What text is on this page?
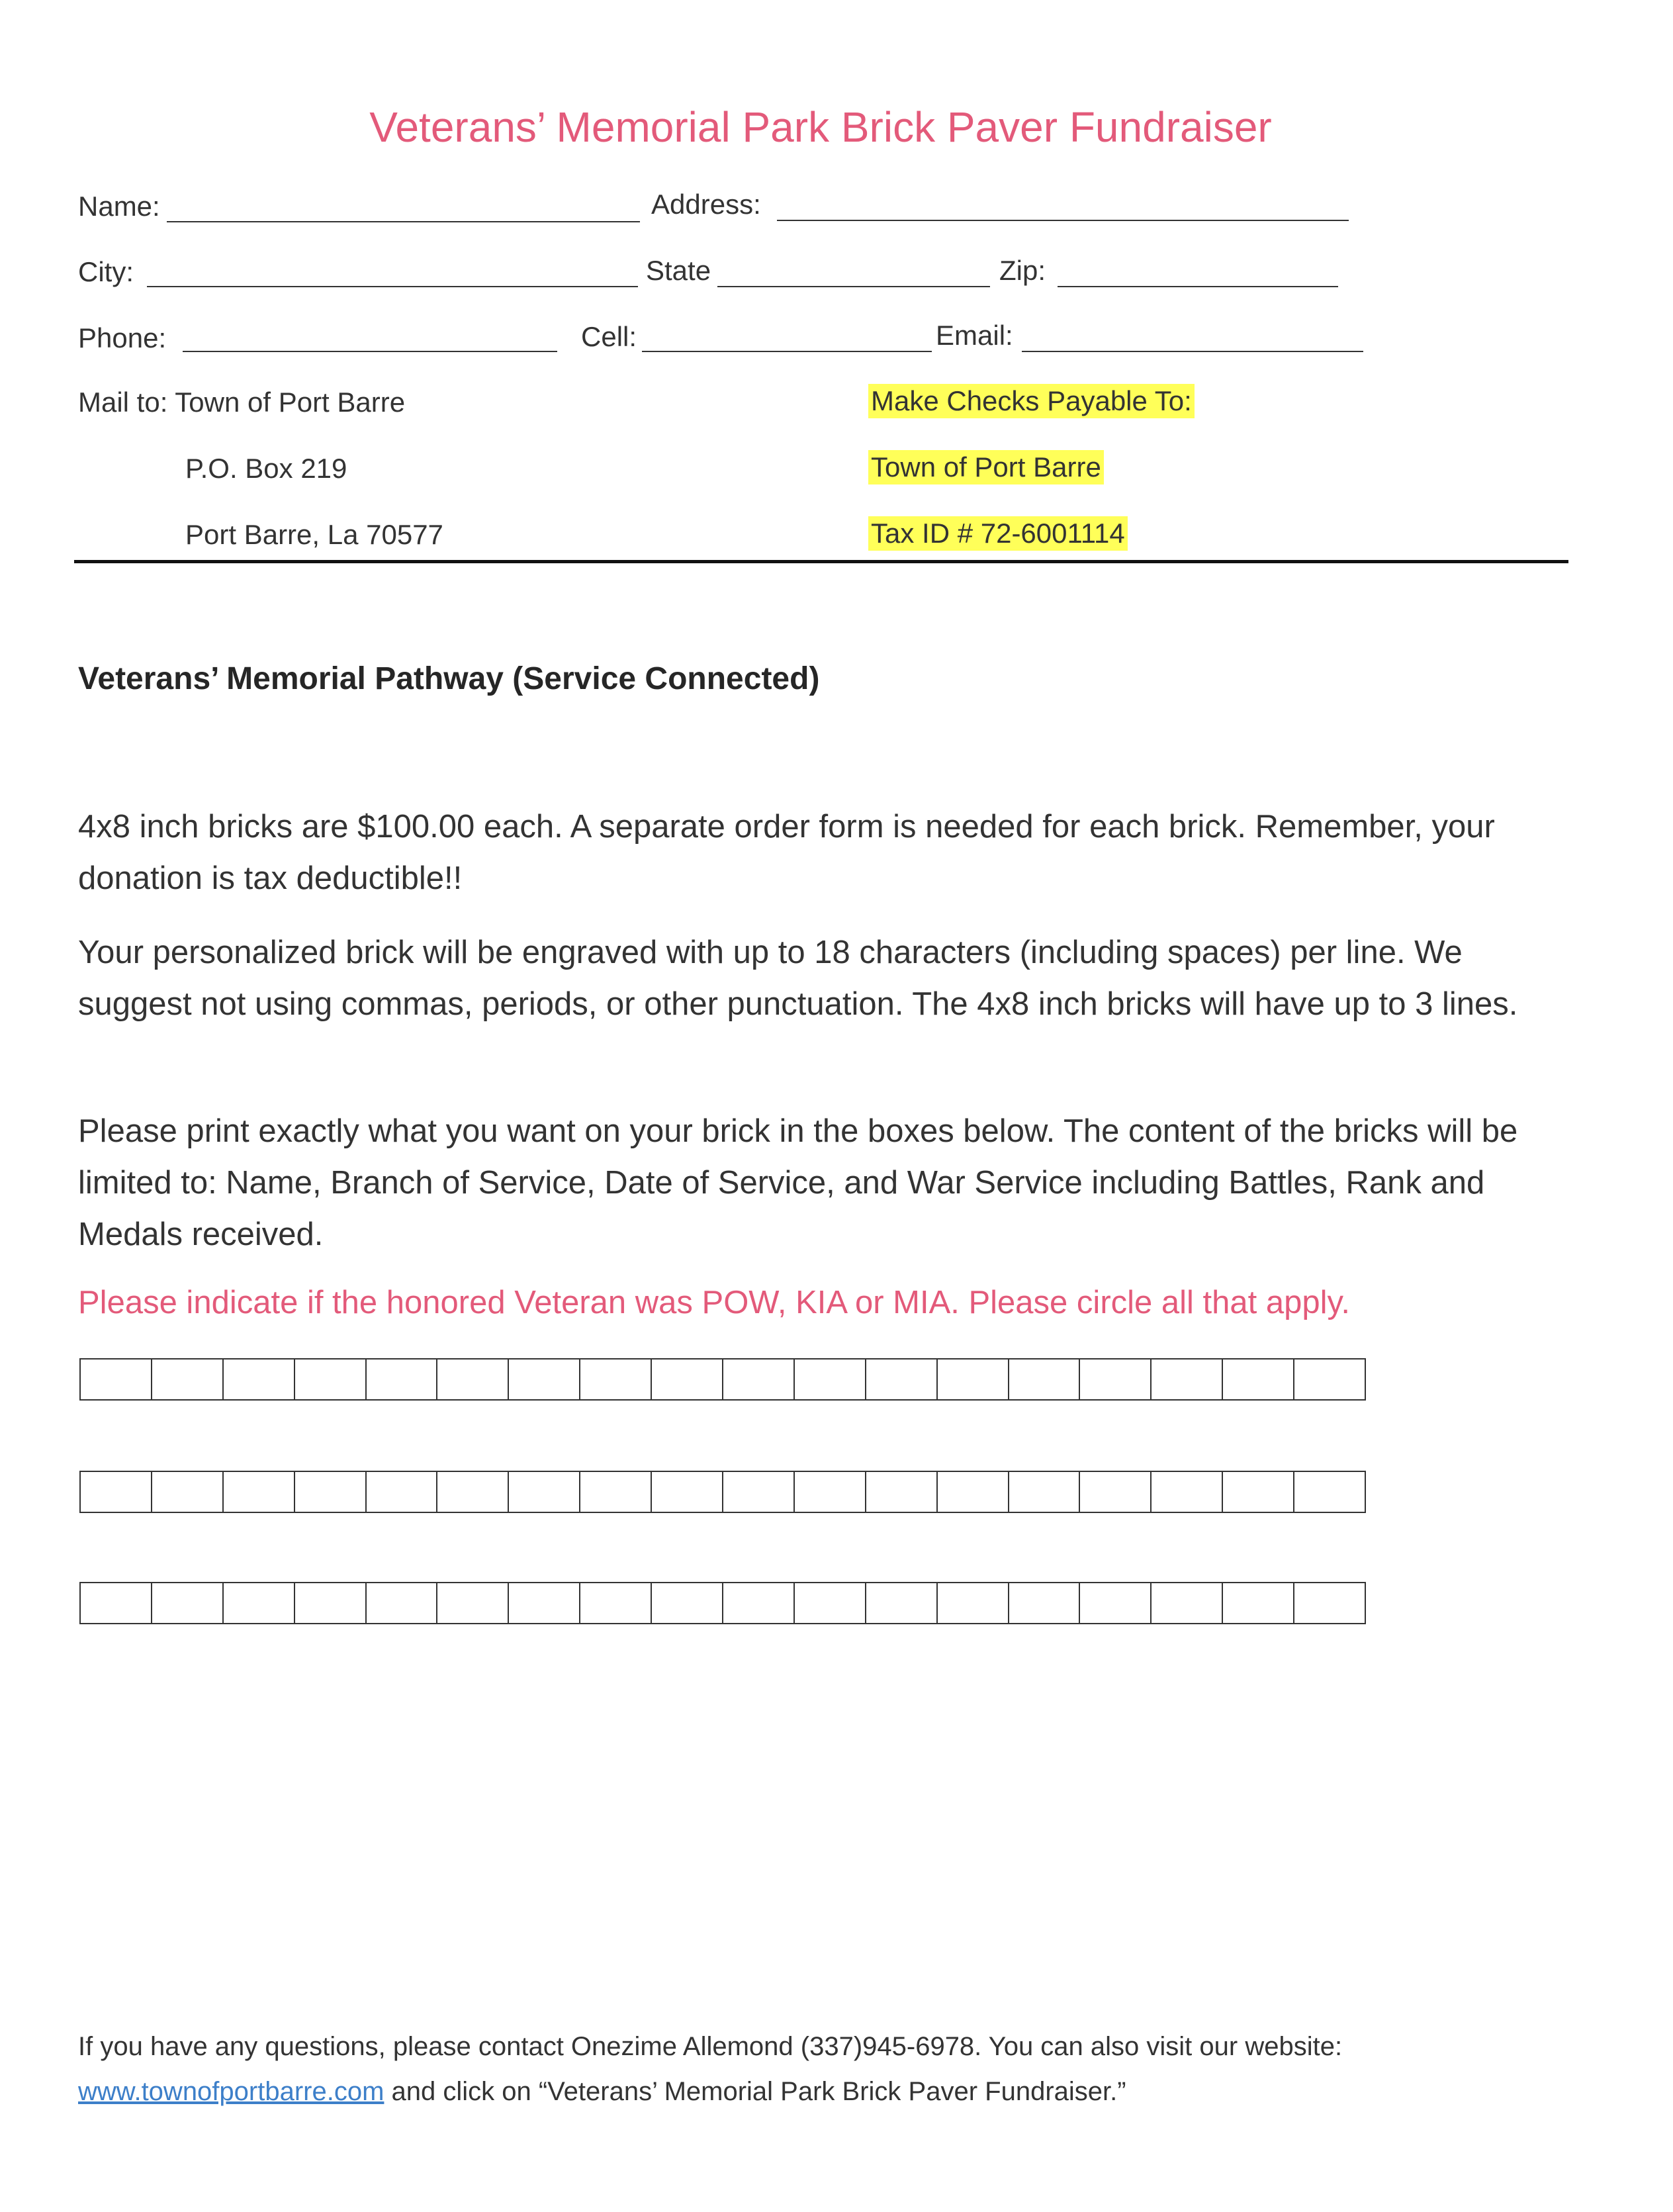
Veterans’ Memorial Park Brick Paver Fundraiser
Name:	Address:
City:	State	Zip:
Phone:	Cell:	Email:
Mail to: Town of Port Barre
P.O. Box 219
Port Barre, La 70577
Make Checks Payable To:
Town of Port Barre
Tax ID # 72-6001114
Veterans’ Memorial Pathway (Service Connected)
4x8 inch bricks are $100.00 each. A separate order form is needed for each brick. Remember, your donation is tax deductible!!
Your personalized brick will be engraved with up to 18 characters (including spaces) per line. We suggest not using commas, periods, or other punctuation. The 4x8 inch bricks will have up to 3 lines.
Please print exactly what you want on your brick in the boxes below. The content of the bricks will be limited to: Name, Branch of Service, Date of Service, and War Service including Battles, Rank and Medals received.
Please indicate if the honored Veteran was POW, KIA or MIA. Please circle all that apply.
If you have any questions, please contact Onezime Allemond (337)945-6978. You can also visit our website:
www.townofportbarre.com and click on “Veterans’ Memorial Park Brick Paver Fundraiser.”
